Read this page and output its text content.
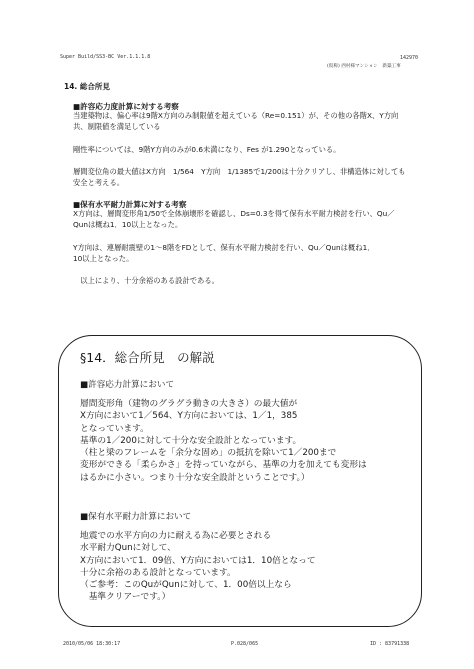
Super Build/SS3-BC Ver.1.1.1.8	142970
(仮称) 西村様マンション　新築工事
14. 総合所見
■許容応力度計算に対する考察
当建築物は、偏心率は9階X方向のみ制限値を超えている（Re=0.151）が、その他の各階X、Y方向
共、制限値を満足している

剛性率については、9階Y方向のみが0.6未満になり、Fes が1.290となっている。

層間変位角の最大値はX方向　1/564　Y方向　1/1385で1/200は十分クリアし、非構造体に対しても
安全と考える。
■保有水平耐力計算に対する考察
X方向は、層間変形角1/50で全体崩壊形を確認し、Ds=0.3を得て保有水平耐力検討を行い、Qu／
Qunは概ね1．10以上となった。

Y方向は、連層耐震壁の1～8階をFDとして、保有水平耐力検討を行い、Qu／Qunは概ね1．
10以上となった。

　以上により、十分余裕のある設計である。
§14．総合所見　の解説
■許容応力計算において
層間変形角（建物のグラグラ動きの大きさ）の最大値が
X方向において1／564、Y方向においては、1／1，385
となっています。
基準の1／200に対して十分な安全設計となっています。
（柱と梁のフレームを「余分な固め」の抵抗を除いて1／200まで
変形ができる「柔らかさ」を持っていながら、基準の力を加えても変形は
はるかに小さい。つまり十分な安全設計ということです。）
■保有水平耐力計算において
地震での水平方向の力に耐える為に必要とされる
水平耐力Qunに対して、
X方向において1．09倍、Y方向においては1．10倍となって
十分に余裕のある設計となっています。
（ご参考：このQuがQunに対して、1．00倍以上なら
　基準クリアーです。）
2010/05/06 18:30:17	P.028/065	ID : 83791338
